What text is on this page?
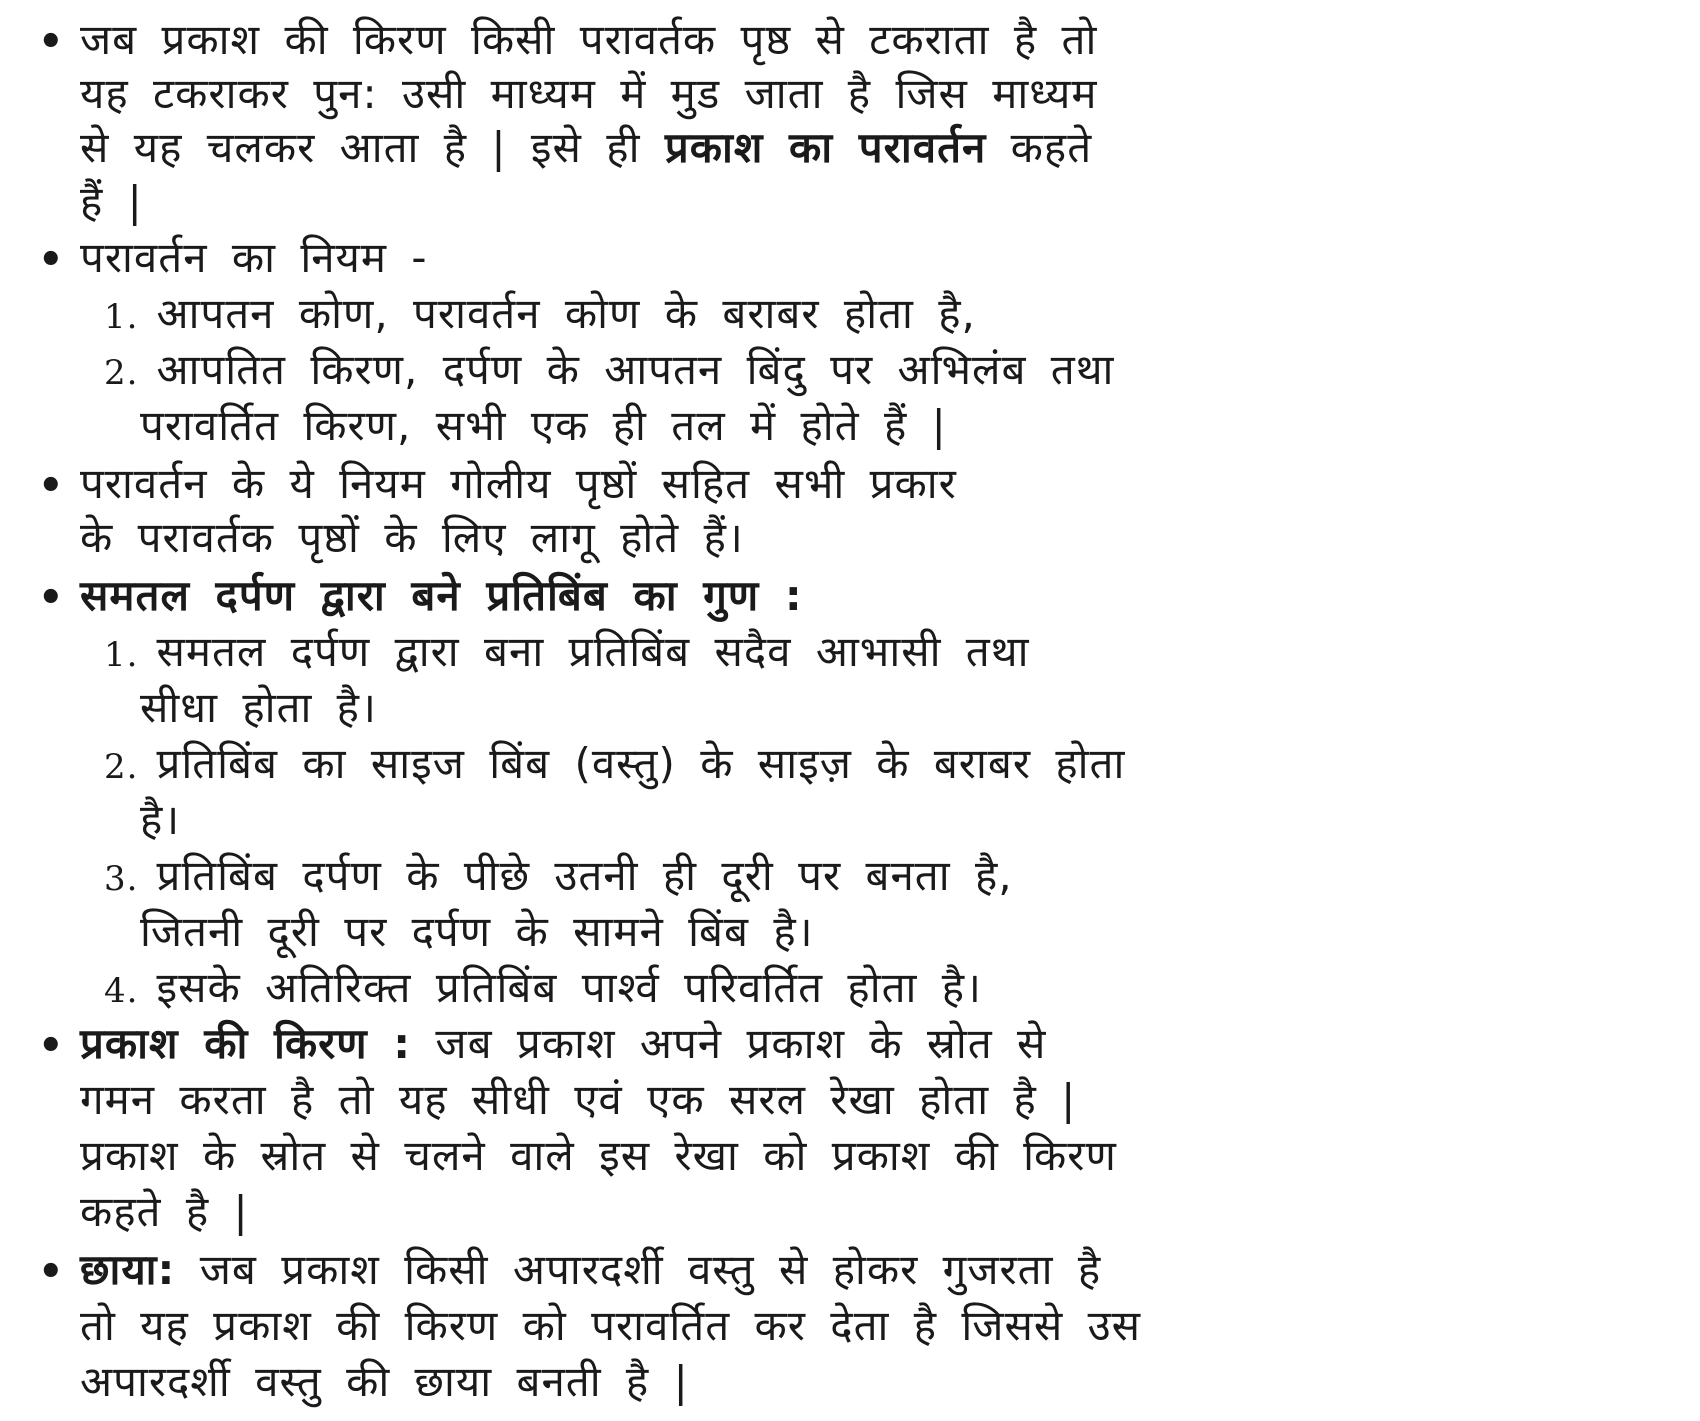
• जब प्रकाश की किरण किसी परावर्तक पृष्ठ से टकराता है तो
यह टकराकर पुन: उसी माध्यम में मुड जाता है जिस माध्यम
से यह चलकर आता है | इसे ही प्रकाश का परावर्तन कहते
हैं |
• परावर्तन का नियम -
1. आपतन कोण, परावर्तन कोण के बराबर होता है,
2. आपतित किरण, दर्पण के आपतन बिंदु पर अभिलंब तथा
परावर्तित किरण, सभी एक ही तल में होते हैं |
• परावर्तन के ये नियम गोलीय पृष्ठों सहित सभी प्रकार
के परावर्तक पृष्ठों के लिए लागू होते हैं।
• समतल दर्पण द्वारा बने प्रतिबिंब का गुण :
1. समतल दर्पण द्वारा बना प्रतिबिंब सदैव आभासी तथा
सीधा होता है।
2. प्रतिबिंब का साइज बिंब (वस्तु) के साइज़ के बराबर होता
है।
3. प्रतिबिंब दर्पण के पीछे उतनी ही दूरी पर बनता है,
जितनी दूरी पर दर्पण के सामने बिंब है।
4. इसके अतिरिक्त प्रतिबिंब पार्श्व परिवर्तित होता है।
• प्रकाश की किरण : जब प्रकाश अपने प्रकाश के स्रोत से
गमन करता है तो यह सीधी एवं एक सरल रेखा होता है |
प्रकाश के स्रोत से चलने वाले इस रेखा को प्रकाश की किरण
कहते है |
• छाया: जब प्रकाश किसी अपारदर्शी वस्तु से होकर गुजरता है
तो यह प्रकाश की किरण को परावर्तित कर देता है जिससे उस
अपारदर्शी वस्तु की छाया बनती है |
